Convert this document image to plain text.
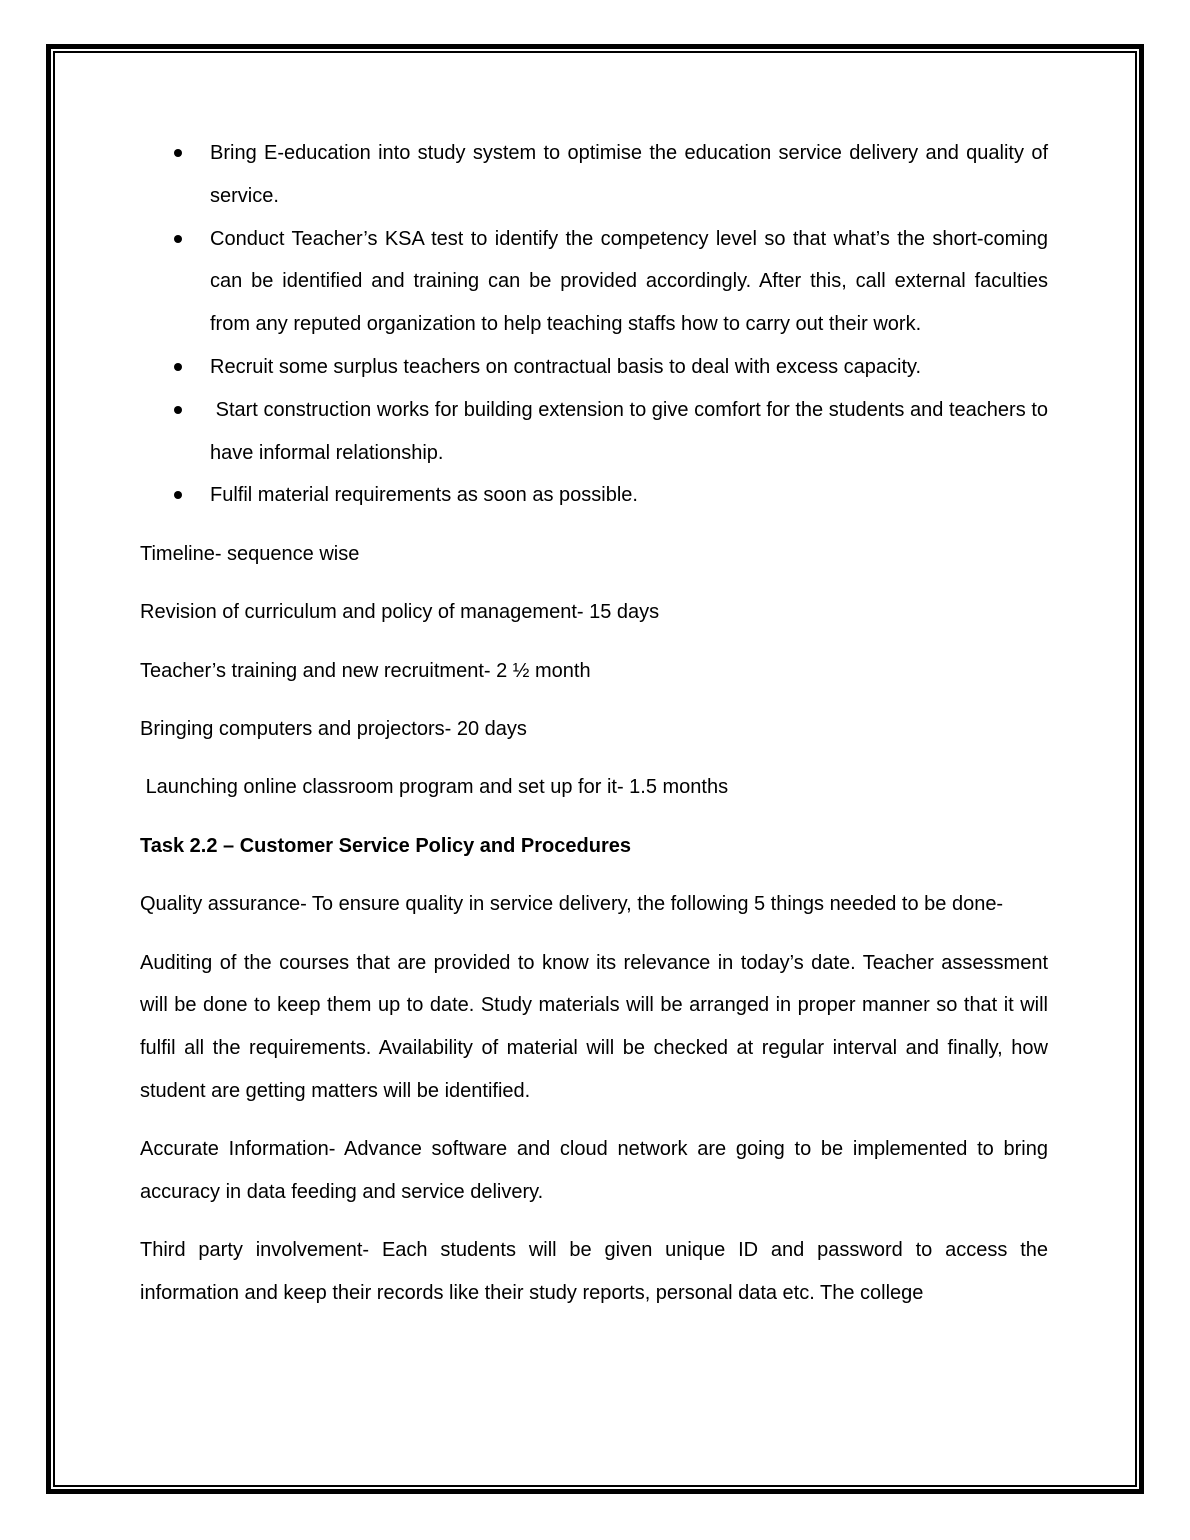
Bring E-education into study system to optimise the education service delivery and quality of service.
Conduct Teacher’s KSA test to identify the competency level so that what’s the short-coming can be identified and training can be provided accordingly. After this, call external faculties from any reputed organization to help teaching staffs how to carry out their work.
Recruit some surplus teachers on contractual basis to deal with excess capacity.
Start construction works for building extension to give comfort for the students and teachers to have informal relationship.
Fulfil material requirements as soon as possible.

Timeline- sequence wise

Revision of curriculum and policy of management- 15 days

Teacher’s training and new recruitment- 2 ½ month

Bringing computers and projectors- 20 days

Launching online classroom program and set up for it- 1.5 months

Task 2.2 – Customer Service Policy and Procedures

Quality assurance- To ensure quality in service delivery, the following 5 things needed to be done-

Auditing of the courses that are provided to know its relevance in today’s date. Teacher assessment will be done to keep them up to date. Study materials will be arranged in proper manner so that it will fulfil all the requirements. Availability of material will be checked at regular interval and finally, how student are getting matters will be identified.

Accurate Information- Advance software and cloud network are going to be implemented to bring accuracy in data feeding and service delivery.

Third party involvement- Each students will be given unique ID and password to access the information and keep their records like their study reports, personal data etc. The college
